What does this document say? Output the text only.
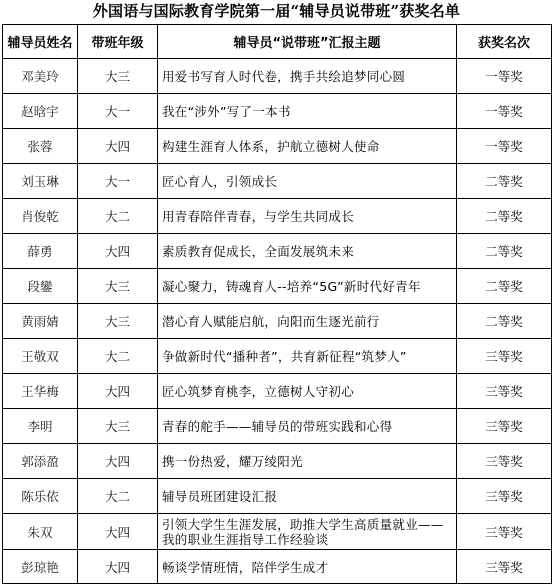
外国语与国际教育学院第一届“辅导员说带班”获奖名单
辅导员姓名	带班年级	辅导员“说带班”汇报主题	获奖名次
邓美玲	大三	用爱书写育人时代卷，携手共绘追梦同心圆	一等奖
赵晗宇	大一	我在“涉外”写了一本书	一等奖
张蓉	大四	构建生涯育人体系，护航立德树人使命	一等奖
刘玉琳	大一	匠心育人，引领成长	二等奖
肖俊乾	大二	用青春陪伴青春，与学生共同成长	二等奖
薛勇	大四	素质教育促成长，全面发展筑未来	二等奖
段鑾	大三	凝心聚力，铸魂育人--培养“5G”新时代好青年	二等奖
黄雨婧	大三	潜心育人赋能启航，向阳而生逐光前行	二等奖
王敬双	大二	争做新时代“播种者”，共育新征程“筑梦人”	三等奖
王华梅	大四	匠心筑梦育桃李，立德树人守初心	三等奖
李明	大三	青春的舵手——辅导员的带班实践和心得	三等奖
郭添盈	大四	携一份热爱，耀万绫阳光	三等奖
陈乐依	大二	辅导员班团建设汇报	三等奖
朱双	大四	引领大学生生涯发展，助推大学生高质量就业——我的职业生涯指导工作经验谈	三等奖
彭琼艳	大四	畅谈学情班情，陪伴学生成才	三等奖
